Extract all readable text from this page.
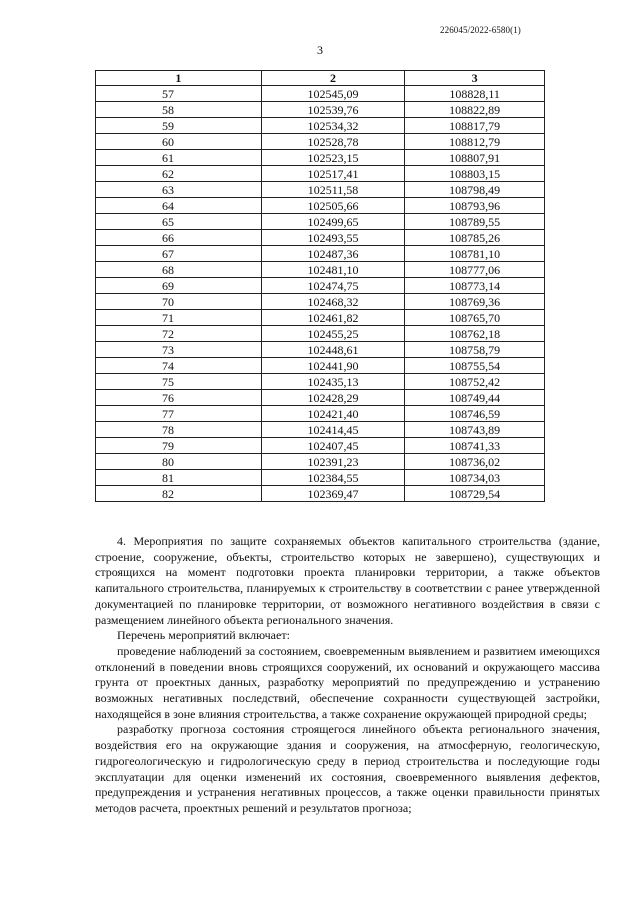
226045/2022-6580(1)
3
1	2	3
57	102545,09	108828,11
58	102539,76	108822,89
59	102534,32	108817,79
60	102528,78	108812,79
61	102523,15	108807,91
62	102517,41	108803,15
63	102511,58	108798,49
64	102505,66	108793,96
65	102499,65	108789,55
66	102493,55	108785,26
67	102487,36	108781,10
68	102481,10	108777,06
69	102474,75	108773,14
70	102468,32	108769,36
71	102461,82	108765,70
72	102455,25	108762,18
73	102448,61	108758,79
74	102441,90	108755,54
75	102435,13	108752,42
76	102428,29	108749,44
77	102421,40	108746,59
78	102414,45	108743,89
79	102407,45	108741,33
80	102391,23	108736,02
81	102384,55	108734,03
82	102369,47	108729,54

4. Мероприятия по защите сохраняемых объектов капитального строительства (здание, строение, сооружение, объекты, строительство которых не завершено), существующих и строящихся на момент подготовки проекта планировки территории, а также объектов капитального строительства, планируемых к строительству в соответствии с ранее утвержденной документацией по планировке территории, от возможного негативного воздействия в связи с размещением линейного объекта регионального значения.

Перечень мероприятий включает:

проведение наблюдений за состоянием, своевременным выявлением и развитием имеющихся отклонений в поведении вновь строящихся сооружений, их оснований и окружающего массива грунта от проектных данных, разработку мероприятий по предупреждению и устранению возможных негативных последствий, обеспечение сохранности существующей застройки, находящейся в зоне влияния строительства, а также сохранение окружающей природной среды;

разработку прогноза состояния строящегося линейного объекта регионального значения, воздействия его на окружающие здания и сооружения, на атмосферную, геологическую, гидрогеологическую и гидрологическую среду в период строительства и последующие годы эксплуатации для оценки изменений их состояния, своевременного выявления дефектов, предупреждения и устранения негативных процессов, а также оценки правильности принятых методов расчета, проектных решений и результатов прогноза;
